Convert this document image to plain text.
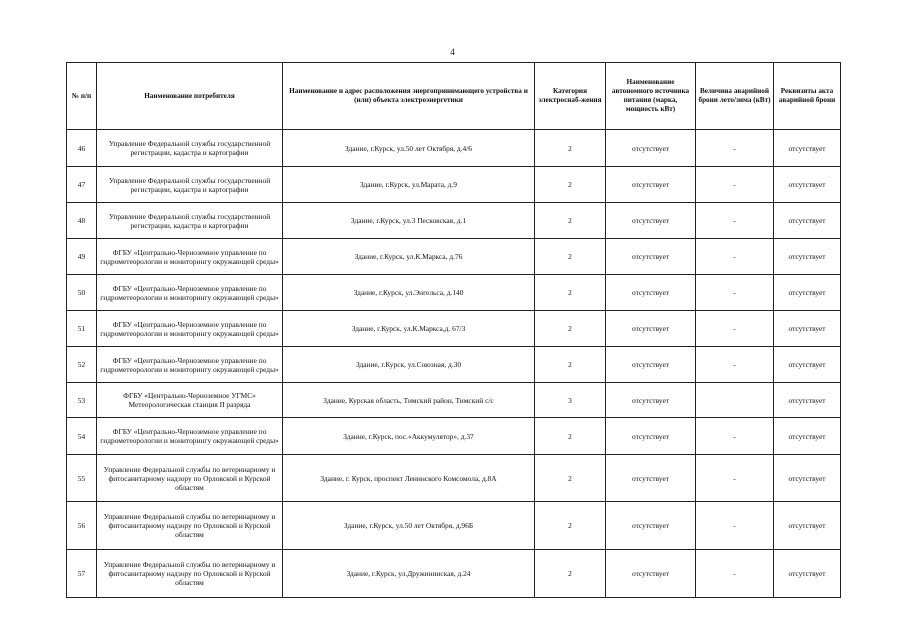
4
№ п/п	Наименование потребителя	Наименование и адрес расположения энергопринимающего устройства и (или) объекта электроэнергетики	Категория электроснаб-жения	Наименование автономного источника питания (марка, мощность кВт)	Величина аварийной брони лето/зима (кВт)	Реквизиты акта аварийной брони
46	Управление Федеральной службы государственной регистрации, кадастра и картографии	Здание, г.Курск, ул.50 лет Октября, д.4/6	2	отсутствует	-	отсутствует
47	Управление Федеральной службы государственной регистрации, кадастра и картографии	Здание, г.Курск, ул.Марата, д.9	2	отсутствует	-	отсутствует
48	Управление Федеральной службы государственной регистрации, кадастра и картографии	Здание, г.Курск, ул.3 Песковская, д.1	2	отсутствует	-	отсутствует
49	ФГБУ «Центрально-Черноземное управление по гидрометеорологии и мониторингу окружающей среды»	Здание, г.Курск, ул.К.Маркса, д.76	2	отсутствует	-	отсутствует
50	ФГБУ «Центрально-Черноземное управление по гидрометеорологии и мониторингу окружающей среды»	Здание, г.Курск, ул.Энгельса, д.140	2	отсутствует	-	отсутствует
51	ФГБУ «Центрально-Черноземное управление по гидрометеорологии и мониторингу окружающей среды»	Здание, г.Курск, ул.К.Маркса,д. 67/3	2	отсутствует	-	отсутствует
52	ФГБУ «Центрально-Черноземное управление по гидрометеорологии и мониторингу окружающей среды»	Здание, г.Курск, ул.Союзная, д.30	2	отсутствует	-	отсутствует
53	ФГБУ «Центрально-Черноземное УГМС» Метеорологическая станция II разряда	Здание, Курская область, Тимский район, Тимский с/с	3	отсутствует		отсутствует
54	ФГБУ «Центрально-Черноземное управление по гидрометеорологии и мониторингу окружающей среды»	Здание, г.Курск, пос.«Аккумулятор», д.37	2	отсутствует	-	отсутствует
55	Управление Федеральной службы по ветеринарному и фитосанитарному надзору по Орловской и Курской областям	Здание, г. Курск, проспект Ленинского Комсомола, д.8А	2	отсутствует	-	отсутствует
56	Управление Федеральной службы по ветеринарному и фитосанитарному надзору по Орловской и Курской областям	Здание, г.Курск, ул.50 лет Октября, д.96Б	2	отсутствует	-	отсутствует
57	Управление Федеральной службы по ветеринарному и фитосанитарному надзору по Орловской и Курской областям	Здание, г.Курск, ул.Дружининская, д.24	2	отсутствует	-	отсутствует
